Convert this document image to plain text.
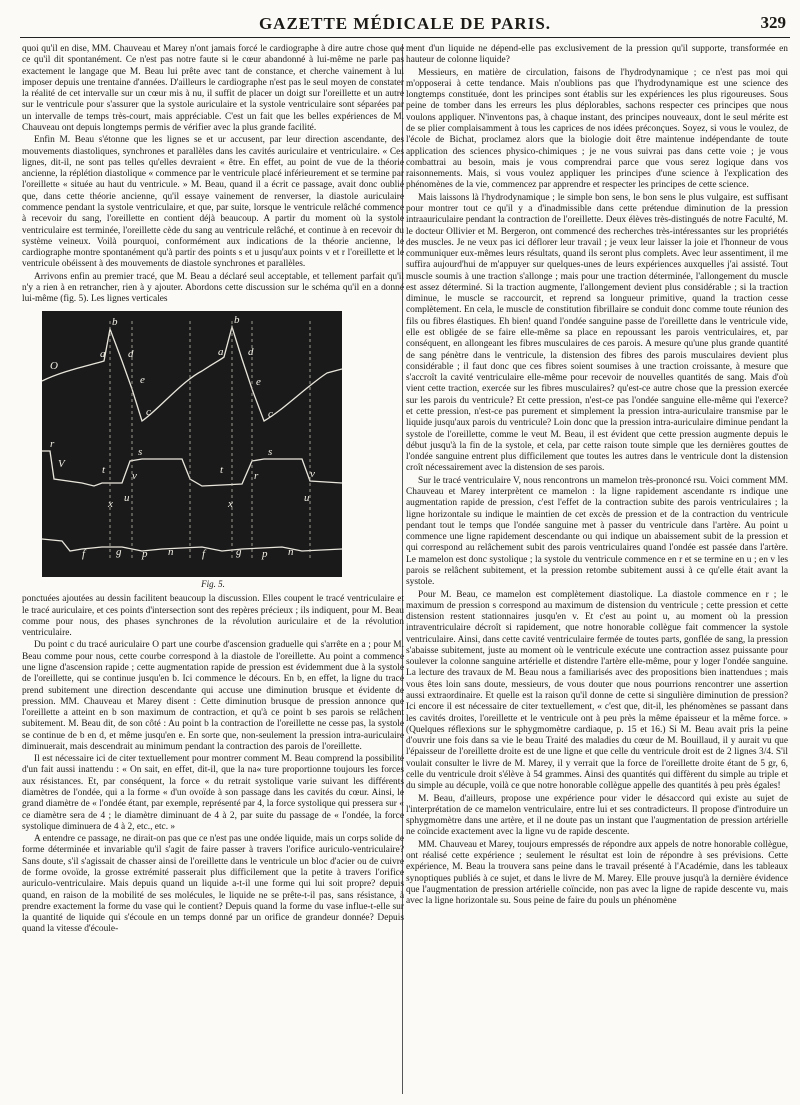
GAZETTE MÉDICALE DE PARIS.	329

quoi qu'il en dise, MM. Chauveau et Marey n'ont jamais forcé le cardiographe à dire autre chose que ce qu'il dit spontanément. Ce n'est pas notre faute si le cœur abandonné à lui-même ne parle pas exactement le langage que M. Beau lui prête avec tant de constance, et cherche vainement à lui imposer depuis une trentaine d'années. D'ailleurs le cardiographe n'est pas le seul moyen de constater la réalité de cet intervalle sur un cœur mis à nu, il suffit de placer un doigt sur l'oreillette et un autre sur le ventricule pour s'assurer que la systole auriculaire et la systole ventriculaire sont séparées par un intervalle de temps très-court, mais appréciable. C'est un fait que les belles expériences de M. Chauveau ont depuis longtemps permis de vérifier avec la plus grande facilité.

Enfin M. Beau s'étonne que les lignes se et ur accusent, par leur direction ascendante, des mouvements diastoliques, synchrones et parallèles dans les cavités auriculaire et ventriculaire. « Ces lignes, dit-il, ne sont pas telles qu'elles devraient « être. En effet, au point de vue de la théorie ancienne, la réplétion diastolique « commence par le ventricule placé inférieurement et se termine par l'oreillette « située au haut du ventricule. » M. Beau, quand il a écrit ce passage, avait donc oublié que, dans cette théorie ancienne, qu'il essaye vainement de renverser, la diastole auriculaire commence pendant la systole ventriculaire, et que, par suite, lorsque le ventricule relâché commence à recevoir du sang, l'oreillette en contient déjà beaucoup. A partir du moment où la systole ventriculaire est terminée, l'oreillette cède du sang au ventricule relâché, et continue à en recevoir du système veineux. Voilà pourquoi, conformément aux indications de la théorie ancienne, le cardiographe montre spontanément qu'à partir des points s et u jusqu'aux points v et r l'oreillette et le ventricule obéissent à des mouvements de diastole synchrones et parallèles.

Arrivons enfin au premier tracé, que M. Beau a déclaré seul acceptable, et tellement parfait qu'il n'y a rien à en retrancher, rien à y ajouter. Abordons cette discussion sur le schéma qu'il en a donné lui-même (fig. 5). Les lignes verticales

b
a d
e
c
O
b
a d
c
e
s
t
r
v
V
u
s
t	r	v
u
x	x
f	g p n	f	g p n
Fig. 5.

ponctuées ajoutées au dessin facilitent beaucoup la discussion. Elles coupent le tracé ventriculaire et le tracé auriculaire, et ces points d'intersection sont des repères précieux ; ils indiquent, pour M. Beau comme pour nous, des phases synchrones de la révolution auriculaire et de la révolution ventriculaire.

Du point c du tracé auriculaire O part une courbe d'ascension graduelle qui s'arrête en a ; pour M. Beau comme pour nous, cette courbe correspond à la diastole de l'oreillette. Au point a commence une ligne d'ascension rapide ; cette augmentation rapide de pression est évidemment due à la systole de l'oreillette, qui se continue jusqu'en b. Ici commence le décours. En b, en effet, la ligne du tracé prend subitement une direction descendante qui accuse une diminution brusque et évidente de pression. MM. Chauveau et Marey disent : Cette diminution brusque de pression annonce que l'oreillette a atteint en b son maximum de contraction, et qu'à ce point b ses parois se relâchent subitement. M. Beau dit, de son côté : Au point b la contraction de l'oreillette ne cesse pas, la systole se continue de b en d, et même jusqu'en e. En sorte que, non-seulement la pression intra-auriculaire diminuerait, mais descendrait au minimum pendant la contraction des parois de l'oreillette.

Il est nécessaire ici de citer textuellement pour montrer comment M. Beau comprend la possibilité d'un fait aussi inattendu : « On sait, en effet, dit-il, que la na« ture proportionne toujours les forces aux résistances. Et, par conséquent, la force « du retrait systolique varie suivant les différents diamètres de l'ondée, qui a la forme « d'un ovoïde à son passage dans les cavités du cœur. Ainsi, le grand diamètre de « l'ondée étant, par exemple, représenté par 4, la force systolique qui pressera sur « ce diamètre sera de 4 ; le diamètre diminuant de 4 à 2, par suite du passage de « l'ondée, la force systolique diminuera de 4 à 2, etc., etc. »

A entendre ce passage, ne dirait-on pas que ce n'est pas une ondée liquide, mais un corps solide de forme déterminée et invariable qu'il s'agit de faire passer à travers l'orifice auriculo-ventriculaire? Sans doute, s'il s'agissait de chasser ainsi de l'oreillette dans le ventricule un bloc d'acier ou de cuivre de forme ovoïde, la grosse extrémité passerait plus difficilement que la petite à travers l'orifice auriculo-ventriculaire. Mais depuis quand un liquide a-t-il une forme qui lui soit propre? depuis quand, en raison de la mobilité de ses molécules, le liquide ne se prête-t-il pas, sans résistance, à prendre exactement la forme du vase qui le contient? Depuis quand la forme du vase influe-t-elle sur la quantité de liquide qui s'écoule en un temps donné par un orifice de grandeur donnée? Depuis quand la vitesse d'écoule-

ment d'un liquide ne dépend-elle pas exclusivement de la pression qu'il supporte, transformée en hauteur de colonne liquide?

Messieurs, en matière de circulation, faisons de l'hydrodynamique ; ce n'est pas moi qui m'opposerai à cette tendance. Mais n'oublions pas que l'hydrodynamique est une science des longtemps constituée, dont les principes sont établis sur les expériences les plus rigoureuses. Sous peine de tomber dans les erreurs les plus déplorables, sachons respecter ces principes que nous voulons appliquer. N'inventons pas, à chaque instant, des principes nouveaux, dont le seul mérite est de se plier complaisamment à tous les caprices de nos idées préconçues. Soyez, si vous le voulez, de l'école de Bichat, proclamez alors que la biologie doit être maintenue indépendante de toute application des sciences physico-chimiques ; je ne vous suivrai pas dans cette voie ; je vous combattrai au besoin, mais je vous comprendrai parce que vous serez logique dans vos raisonnements. Mais, si vous voulez appliquer les principes d'une science à l'explication des phénomènes de la vie, commencez par apprendre et respecter les principes de cette science.

Mais laissons là l'hydrodynamique ; le simple bon sens, le bon sens le plus vulgaire, est suffisant pour montrer tout ce qu'il y a d'inadmissible dans cette prétendue diminution de la pression intraauriculaire pendant la contraction de l'oreillette. Deux élèves très-distingués de notre Faculté, M. le docteur Ollivier et M. Bergeron, ont commencé des recherches très-intéressantes sur les propriétés des muscles. Je ne veux pas ici déflorer leur travail ; je veux leur laisser la joie et l'honneur de vous communiquer eux-mêmes leurs résultats, quand ils seront plus complets. Avec leur assentiment, il me suffira aujourd'hui de m'appuyer sur quelques-unes de leurs expériences auxquelles j'ai assisté. Tout muscle soumis à une traction s'allonge ; mais pour une traction déterminée, l'allongement du muscle est assez déterminé. Si la traction augmente, l'allongement devient plus considérable ; si la traction diminue, le muscle se raccourcit, et reprend sa longueur primitive, quand la traction cesse complètement. En cela, le muscle de constitution fibrillaire se conduit donc comme toute réunion des fils ou fibres élastiques. Eh bien! quand l'ondée sanguine passe de l'oreillette dans le ventricule vide, elle est obligée de se faire elle-même sa place en repoussant les parois ventriculaires, et, par conséquent, en allongeant les fibres musculaires de ces parois. A mesure qu'une plus grande quantité de sang pénètre dans le ventricule, la distension des fibres des parois musculaires devient plus considérable ; il faut donc que ces fibres soient soumises à une traction croissante, à mesure que s'accroît la cavité ventriculaire elle-même pour recevoir de nouvelles quantités de sang. Mais d'où vient cette traction, exercée sur les fibres musculaires? qu'est-ce autre chose que la pression exercée sur les parois du ventricule? Et cette pression, n'est-ce pas l'ondée sanguine elle-même qui l'exerce? et cette pression, n'est-ce pas purement et simplement la pression intra-auriculaire transmise par le liquide jusqu'aux parois du ventricule? Loin donc que la pression intra-auriculaire diminue pendant la systole de l'oreillette, comme le veut M. Beau, il est évident que cette pression augmente depuis le début jusqu'à la fin de la systole, et cela, par cette raison toute simple que les dernières gouttes de l'ondée sanguine entrent plus difficilement que toutes les autres dans le ventricule dont la distension croît nécessairement avec la distension de ses parois.

Sur le tracé ventriculaire V, nous rencontrons un mamelon très-prononcé rsu. Voici comment MM. Chauveau et Marey interprètent ce mamelon : la ligne rapidement ascendante rs indique une augmentation rapide de pression, c'est l'effet de la contraction subite des parois ventriculaires ; la ligne horizontale su indique le maintien de cet excès de pression et de la contraction du ventricule pendant tout le temps que l'ondée sanguine met à passer du ventricule dans l'artère. Au point u commence une ligne rapidement descendante ou qui indique un abaissement subit de la pression et qui correspond au relâchement subit des parois ventriculaires quand l'ondée est passée dans l'artère. Le mamelon est donc systolique ; la systole du ventricule commence en r et se termine en u ; en v les parois se relâchent subitement, et la pression retombe subitement aussi à ce qu'elle était avant la systole.

Pour M. Beau, ce mamelon est complètement diastolique. La diastole commence en r ; le maximum de pression s correspond au maximum de distension du ventricule ; cette pression et cette distension restent stationnaires jusqu'en v. Et c'est au point u, au moment où la pression intraventriculaire décroît si rapidement, que notre honorable collègue fait commencer la systole ventriculaire. Ainsi, dans cette cavité ventriculaire fermée de toutes parts, gonflée de sang, la pression s'abaisse subitement, juste au moment où le ventricule exécute une contraction assez puissante pour soulever la colonne sanguine artérielle et distendre l'artère elle-même, pour y loger l'ondée sanguine. La lecture des travaux de M. Beau nous a familiarisés avec des propositions bien inattendues ; mais vous êtes loin sans doute, messieurs, de vous douter que nous pourrions rencontrer une assertion aussi extraordinaire. Et quelle est la raison qu'il donne de cette si singulière diminution de pression? Ici encore il est nécessaire de citer textuellement, « c'est que, dit-il, les phénomènes se passant dans les cavités droites, l'oreillette et le ventricule ont à peu près la même épaisseur et la même force. » (Quelques réflexions sur le sphygmomètre cardiaque, p. 15 et 16.) Si M. Beau avait pris la peine d'ouvrir une fois dans sa vie le beau Traité des maladies du cœur de M. Bouillaud, il y aurait vu que l'épaisseur de l'oreillette droite est de une ligne et que celle du ventricule droit est de 2 lignes 3/4. S'il voulait consulter le livre de M. Marey, il y verrait que la force de l'oreillette droite étant de 5 gr, 6, celle du ventricule droit s'élève à 54 grammes. Ainsi des quantités qui diffèrent du simple au triple et du simple au décuple, voilà ce que notre honorable collègue appelle des quantités à peu près égales!

M. Beau, d'ailleurs, propose une expérience pour vider le désaccord qui existe au sujet de l'interprétation de ce mamelon ventriculaire, entre lui et ses contradicteurs. Il propose d'introduire un sphygmomètre dans une artère, et il ne doute pas un instant que l'augmentation de pression artérielle ne coïncide exactement avec la ligne vu de rapide descente.

MM. Chauveau et Marey, toujours empressés de répondre aux appels de notre honorable collègue, ont réalisé cette expérience ; seulement le résultat est loin de répondre à ses prévisions. Cette expérience, M. Beau la trouvera sans peine dans le travail présenté à l'Académie, dans les tableaux synoptiques publiés à ce sujet, et dans le livre de M. Marey. Elle prouve jusqu'à la dernière évidence que l'augmentation de pression artérielle coïncide, non pas avec la ligne de rapide descente vu, mais avec la ligne horizontale su. Sous peine de faire du pouls un phénomène
